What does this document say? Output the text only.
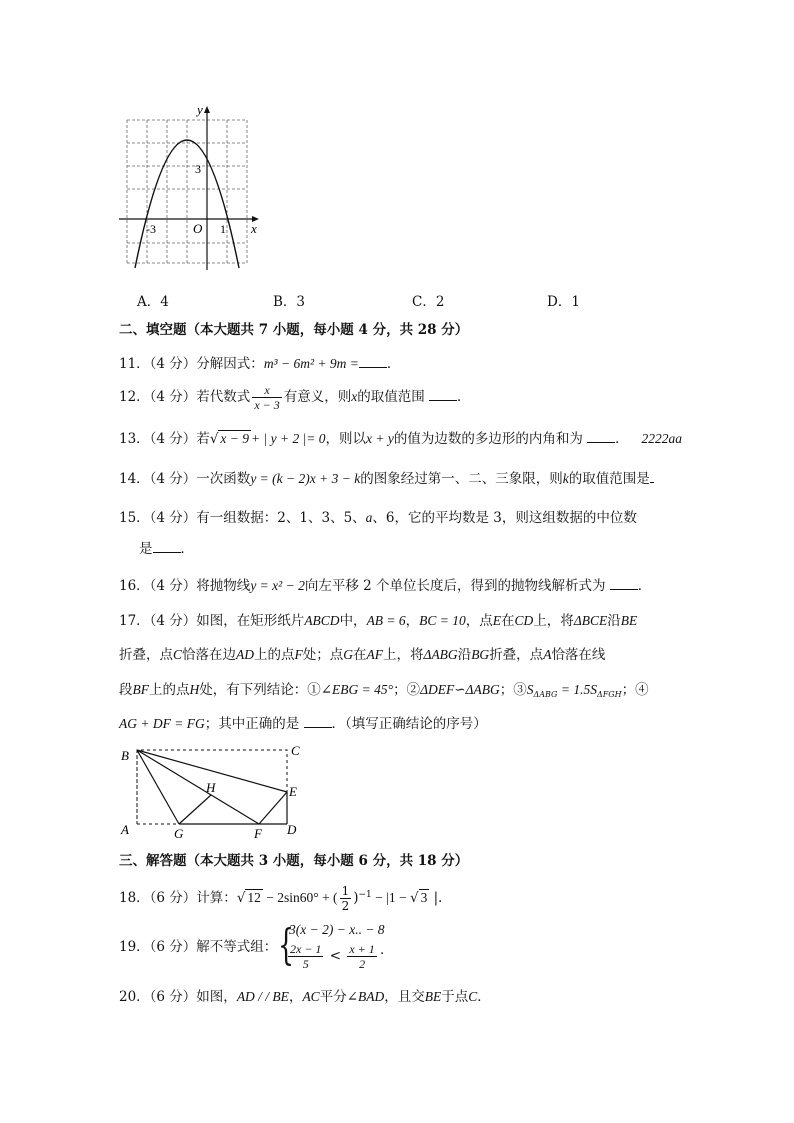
y
x
O
3
-3	1
A．4	B．3	C．2	D．1
二、填空题（本大题共 7 小题，每小题 4 分，共 28 分）
11．（4 分）分解因式：m³ − 6m² + 9m = ．
12．（4 分）若代数式 $\frac{x}{x - 3}$ 有意义，则x的取值范围 ．
13．（4 分）若√ x − 9 + | y + 2 |= 0，则以x + y的值为边数的多边形的内角和为 ． 2222aa
14．（4 分）一次函数y = (k − 2)x + 3 − k的图象经过第一、二、三象限，则k的取值范围是
15．（4 分）有一组数据：2、1、3、5、a、6，它的平均数是 3，则这组数据的中位数
是 ．
16．（4 分）将抛物线y = x² − 2向左平移 2 个单位长度后，得到的抛物线解析式为 ．
17．（4 分）如图，在矩形纸片ABCD中，AB = 6，BC = 10，点E在CD上，将ΔBCE沿BE
折叠，点C恰落在边AD上的点F处；点G在AF上，将ΔABG沿BG折叠，点A恰落在线
段BF上的点H处，有下列结论：①∠EBG = 45°；②ΔDEF∽ΔABG；$③S_{\Delta ABG} = 1.5S_{\Delta FGH}$；④
AG + DF = FG；其中正确的是 ．（填写正确结论的序号）
B	C
H	E
A	G	F D
三、解答题（本大题共 3 小题，每小题 6 分，共 18 分）
18．（6 分）计算：√ 12 − 2sin60° + ( $\frac{1}{2} )^{-1} - |1$ − √ 3 |．
19．（6 分）解不等式组： {
3(x − 2) − x.. − 8
$\frac{2x - 1}{5} < \frac{x + 1}{2}$ ．
20．（6 分）如图，AD / / BE，AC平分∠BAD，且交BE于点C．
